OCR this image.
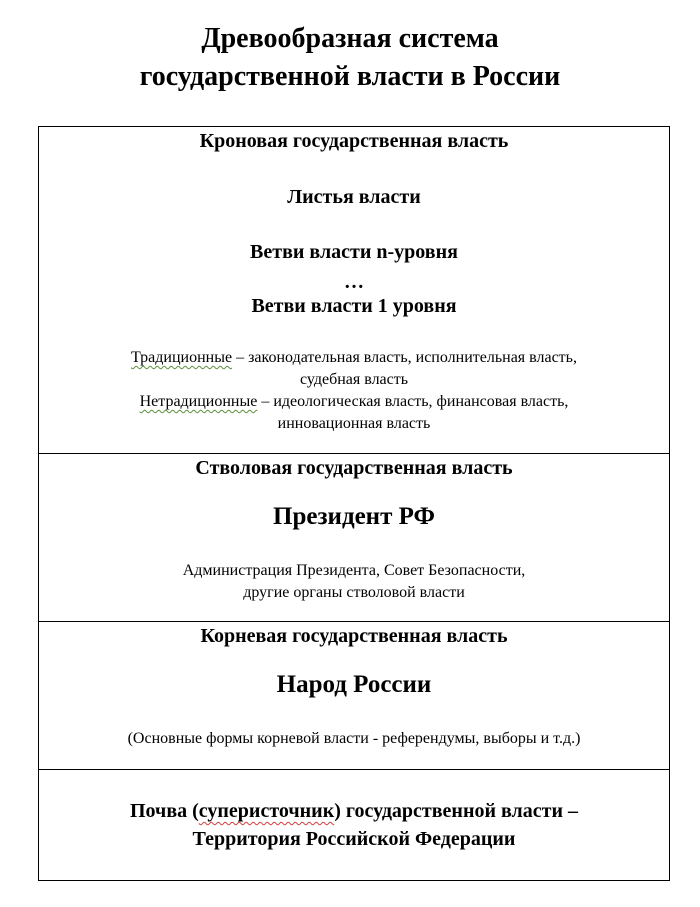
Древообразная система
государственной власти в России
Кроновая государственная власть
Листья власти
Ветви власти n-уровня
…
Ветви власти 1 уровня
Традиционные – законодательная власть, исполнительная власть,
судебная власть
Нетрадиционные – идеологическая власть, финансовая власть,
инновационная власть
Стволовая государственная власть
Президент РФ
Администрация Президента, Совет Безопасности,
другие органы стволовой власти
Корневая государственная власть
Народ России
(Основные формы корневой власти - референдумы, выборы и т.д.)
Почва (суперисточник) государственной власти –
Территория Российской Федерации
